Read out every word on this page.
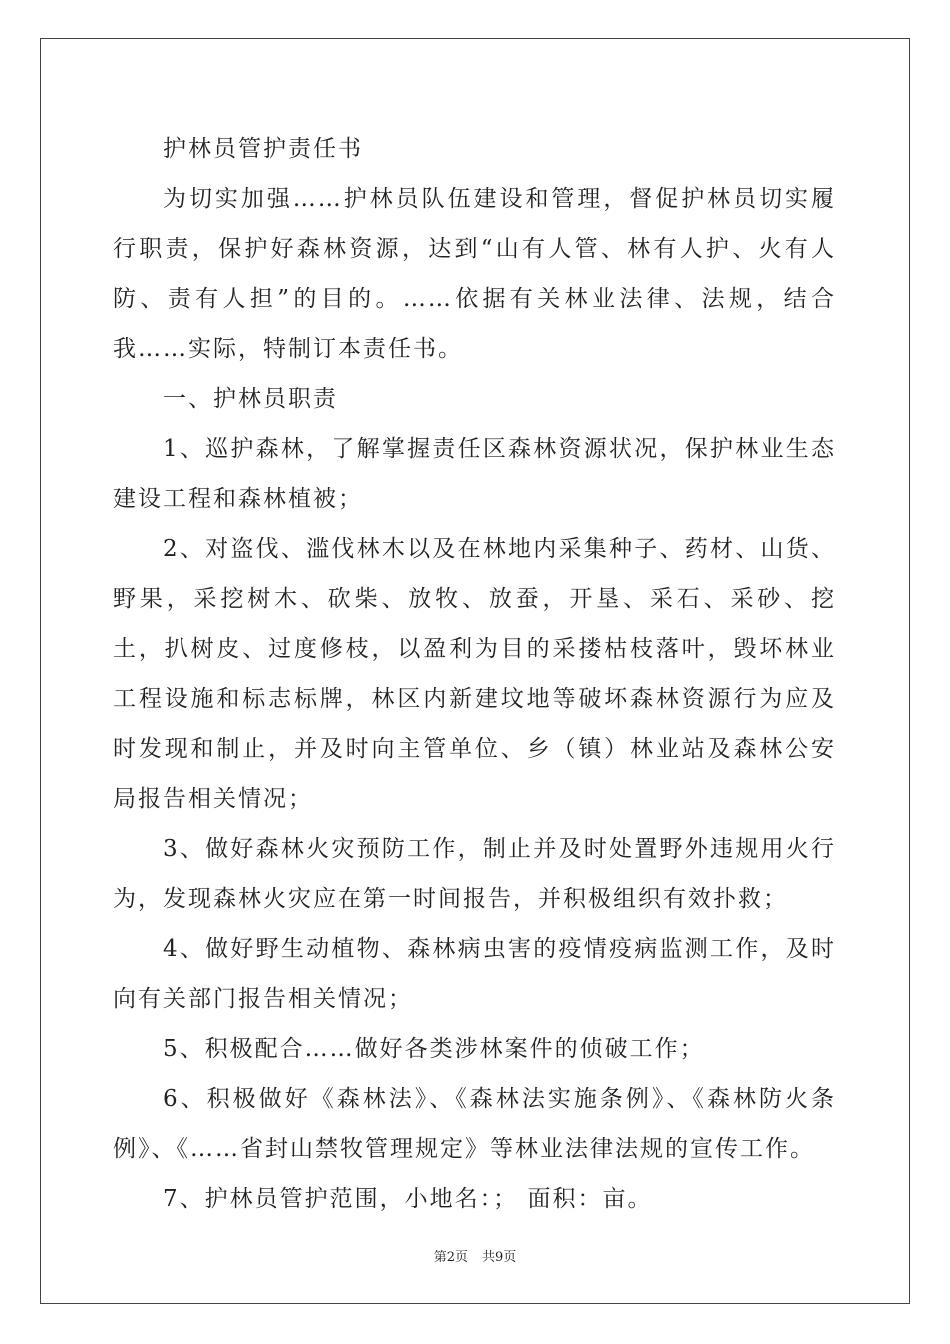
护林员管护责任书

为切实加强……护林员队伍建设和管理，督促护林员切实履行职责，保护好森林资源，达到“山有人管、林有人护、火有人防、责有人担”的目的。……依据有关林业法律、法规，结合我……实际，特制订本责任书。

一、护林员职责

1、巡护森林，了解掌握责任区森林资源状况，保护林业生态建设工程和森林植被；

2、对盗伐、滥伐林木以及在林地内采集种子、药材、山货、野果，采挖树木、砍柴、放牧、放蚕，开垦、采石、采砂、挖土，扒树皮、过度修枝，以盈利为目的采搂枯枝落叶，毁坏林业工程设施和标志标牌，林区内新建坟地等破坏森林资源行为应及时发现和制止，并及时向主管单位、乡（镇）林业站及森林公安局报告相关情况；

3、做好森林火灾预防工作，制止并及时处置野外违规用火行为，发现森林火灾应在第一时间报告，并积极组织有效扑救；

4、做好野生动植物、森林病虫害的疫情疫病监测工作，及时向有关部门报告相关情况；

5、积极配合……做好各类涉林案件的侦破工作；

6、积极做好《森林法》、《森林法实施条例》、《森林防火条例》、《……省封山禁牧管理规定》等林业法律法规的宣传工作。

7、护林员管护范围，小地名：； 面积：亩。

第2页 共9页
